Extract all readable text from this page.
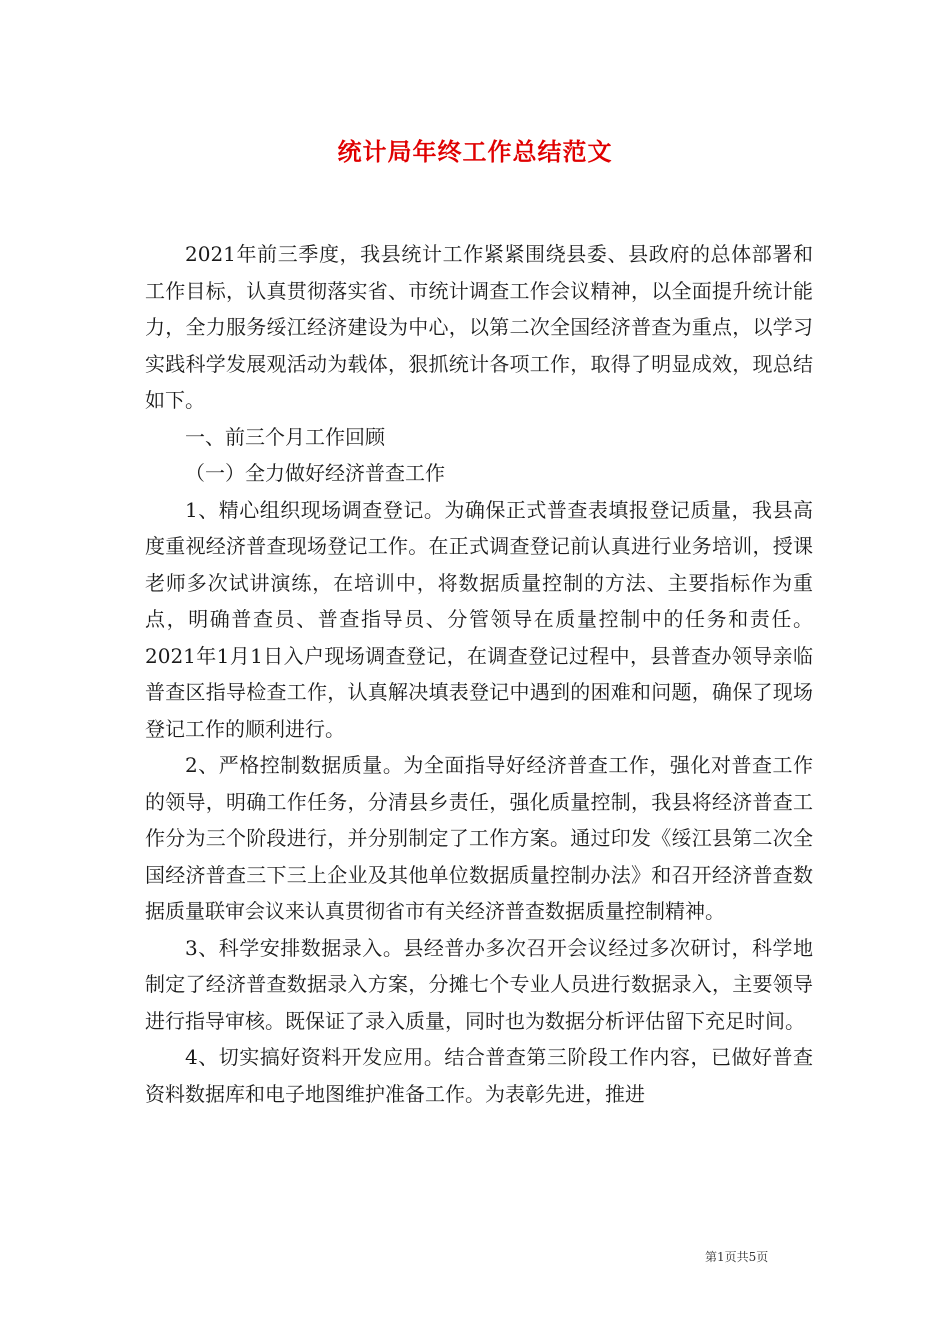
统计局年终工作总结范文

2021年前三季度，我县统计工作紧紧围绕县委、县政府的总体部署和工作目标，认真贯彻落实省、市统计调查工作会议精神，以全面提升统计能力，全力服务绥江经济建设为中心，以第二次全国经济普查为重点，以学习实践科学发展观活动为载体，狠抓统计各项工作，取得了明显成效，现总结如下。

一、前三个月工作回顾

（一）全力做好经济普查工作

1、精心组织现场调查登记。为确保正式普查表填报登记质量，我县高度重视经济普查现场登记工作。在正式调查登记前认真进行业务培训，授课老师多次试讲演练，在培训中，将数据质量控制的方法、主要指标作为重点，明确普查员、普查指导员、分管领导在质量控制中的任务和责任。2021年1月1日入户现场调查登记，在调查登记过程中，县普查办领导亲临普查区指导检查工作，认真解决填表登记中遇到的困难和问题，确保了现场登记工作的顺利进行。

2、严格控制数据质量。为全面指导好经济普查工作，强化对普查工作的领导，明确工作任务，分清县乡责任，强化质量控制，我县将经济普查工作分为三个阶段进行，并分别制定了工作方案。通过印发《绥江县第二次全国经济普查三下三上企业及其他单位数据质量控制办法》和召开经济普查数据质量联审会议来认真贯彻省市有关经济普查数据质量控制精神。

3、科学安排数据录入。县经普办多次召开会议经过多次研讨，科学地制定了经济普查数据录入方案，分摊七个专业人员进行数据录入，主要领导进行指导审核。既保证了录入质量，同时也为数据分析评估留下充足时间。

4、切实搞好资料开发应用。结合普查第三阶段工作内容，已做好普查资料数据库和电子地图维护准备工作。为表彰先进，推进

第1页共5页
